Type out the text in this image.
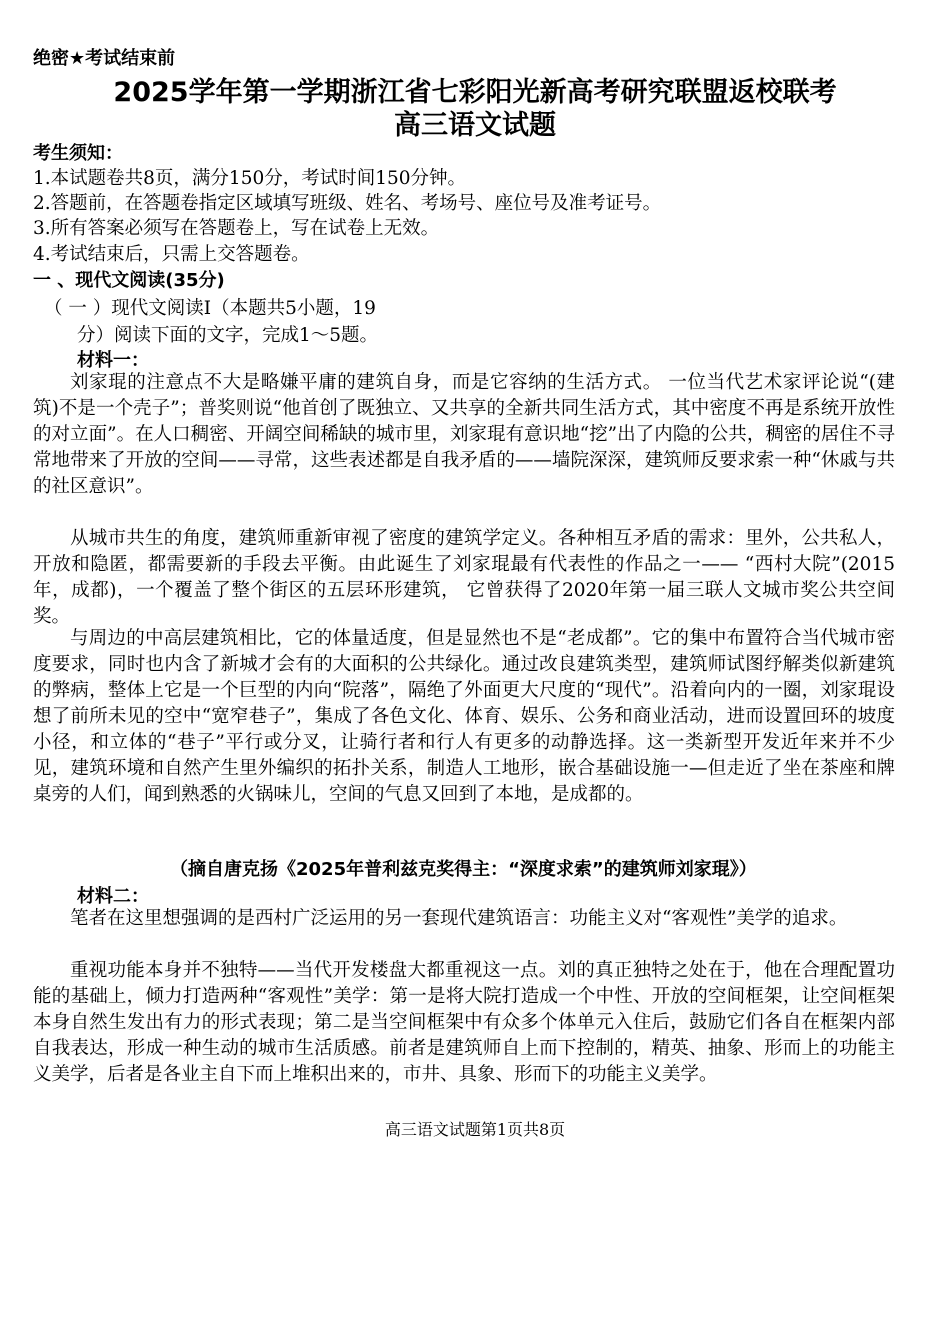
绝密★考试结束前
2025学年第一学期浙江省七彩阳光新高考研究联盟返校联考
高三语文试题
考生须知：
1.本试题卷共8页，满分150分，考试时间150分钟。
2.答题前，在答题卷指定区域填写班级、姓名、考场号、座位号及准考证号。
3.所有答案必须写在答题卷上，写在试卷上无效。
4.考试结束后，只需上交答题卷。
一 、现代文阅读(35分)
（ 一 ）现代文阅读Ⅰ（本题共5小题，19
分）阅读下面的文字，完成1～5题。
材料一：

刘家琨的注意点不大是略嫌平庸的建筑自身，而是它容纳的生活方式。 一位当代艺术家评论说“(建筑)不是一个壳子”；普奖则说“他首创了既独立、又共享的全新共同生活方式，其中密度不再是系统开放性的对立面”。在人口稠密、开阔空间稀缺的城市里，刘家琨有意识地“挖”出了内隐的公共，稠密的居住不寻常地带来了开放的空间——寻常，这些表述都是自我矛盾的——墙院深深，建筑师反要求索一种“休戚与共的社区意识”。

从城市共生的角度，建筑师重新审视了密度的建筑学定义。各种相互矛盾的需求：里外，公共私人，开放和隐匿，都需要新的手段去平衡。由此诞生了刘家琨最有代表性的作品之一—— “西村大院”(2015年，成都)，一个覆盖了整个街区的五层环形建筑， 它曾获得了2020年第一届三联人文城市奖公共空间奖。

与周边的中高层建筑相比，它的体量适度，但是显然也不是“老成都”。它的集中布置符合当代城市密度要求，同时也内含了新城才会有的大面积的公共绿化。通过改良建筑类型，建筑师试图纾解类似新建筑的弊病，整体上它是一个巨型的内向“院落”，隔绝了外面更大尺度的“现代”。沿着向内的一圈，刘家琨设想了前所未见的空中“宽窄巷子”，集成了各色文化、体育、娱乐、公务和商业活动，进而设置回环的坡度小径，和立体的“巷子”平行或分叉，让骑行者和行人有更多的动静选择。这一类新型开发近年来并不少见，建筑环境和自然产生里外编织的拓扑关系，制造人工地形，嵌合基础设施一—但走近了坐在茶座和牌桌旁的人们，闻到熟悉的火锅味儿，空间的气息又回到了本地，是成都的。

（摘自唐克扬《2025年普利兹克奖得主：“深度求索”的建筑师刘家琨》）
材料二：

笔者在这里想强调的是西村广泛运用的另一套现代建筑语言：功能主义对“客观性”美学的追求。

重视功能本身并不独特——当代开发楼盘大都重视这一点。刘的真正独特之处在于，他在合理配置功能的基础上，倾力打造两种“客观性”美学：第一是将大院打造成一个中性、开放的空间框架，让空间框架本身自然生发出有力的形式表现；第二是当空间框架中有众多个体单元入住后，鼓励它们各自在框架内部自我表达，形成一种生动的城市生活质感。前者是建筑师自上而下控制的，精英、抽象、形而上的功能主义美学，后者是各业主自下而上堆积出来的，市井、具象、形而下的功能主义美学。

高三语文试题第1页共8页
